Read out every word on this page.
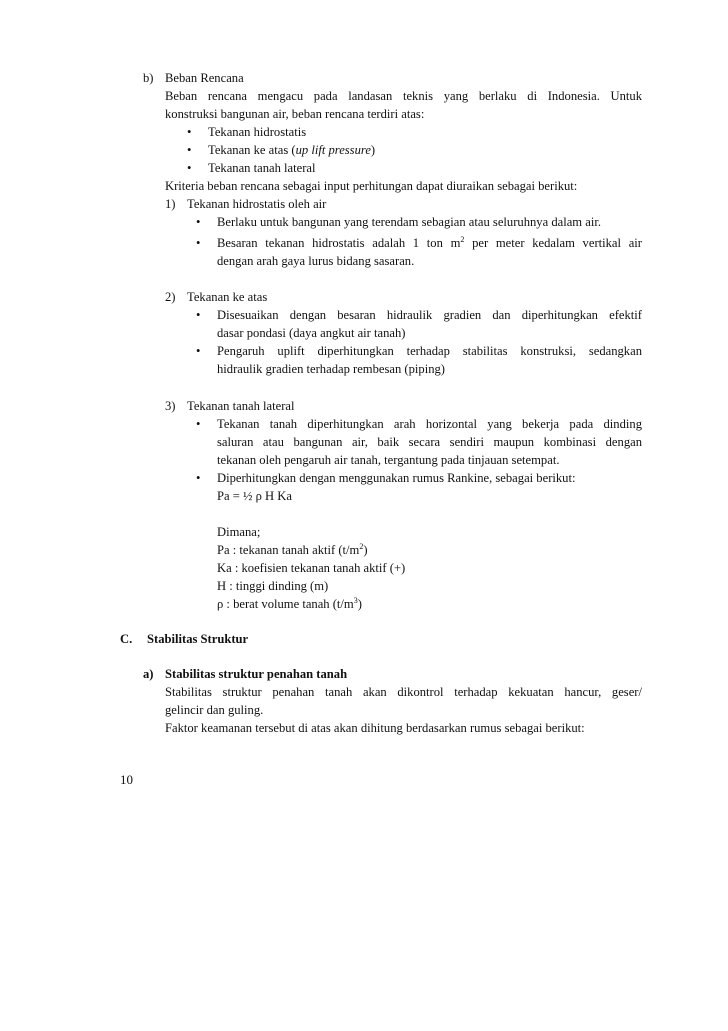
b) Beban Rencana
Beban rencana mengacu pada landasan teknis yang berlaku di Indonesia. Untuk
konstruksi bangunan air, beban rencana terdiri atas:
• Tekanan hidrostatis
• Tekanan ke atas (up lift pressure)
• Tekanan tanah lateral
Kriteria beban rencana sebagai input perhitungan dapat diuraikan sebagai berikut:
1) Tekanan hidrostatis oleh air
• Berlaku untuk bangunan yang terendam sebagian atau seluruhnya dalam air.
• Besaran tekanan hidrostatis adalah 1 ton $m^2$ per meter kedalam vertikal air
dengan arah gaya lurus bidang sasaran.
2) Tekanan ke atas
• Disesuaikan dengan besaran hidraulik gradien dan diperhitungkan efektif
dasar pondasi (daya angkut air tanah)
• Pengaruh uplift diperhitungkan terhadap stabilitas konstruksi, sedangkan
hidraulik gradien terhadap rembesan (piping)
3) Tekanan tanah lateral
• Tekanan tanah diperhitungkan arah horizontal yang bekerja pada dinding
saluran atau bangunan air, baik secara sendiri maupun kombinasi dengan
tekanan oleh pengaruh air tanah, tergantung pada tinjauan setempat.
• Diperhitungkan dengan menggunakan rumus Rankine, sebagai berikut:
Pa = ½ ρ H Ka
Dimana;
Pa : tekanan tanah aktif $(t/m^2)$
Ka : koefisien tekanan tanah aktif (+)
H : tinggi dinding (m)
ρ : berat volume tanah $(t/m^3)$
C. Stabilitas Struktur
a) Stabilitas struktur penahan tanah
Stabilitas struktur penahan tanah akan dikontrol terhadap kekuatan hancur, geser/
gelincir dan guling.
Faktor keamanan tersebut di atas akan dihitung berdasarkan rumus sebagai berikut:
10
